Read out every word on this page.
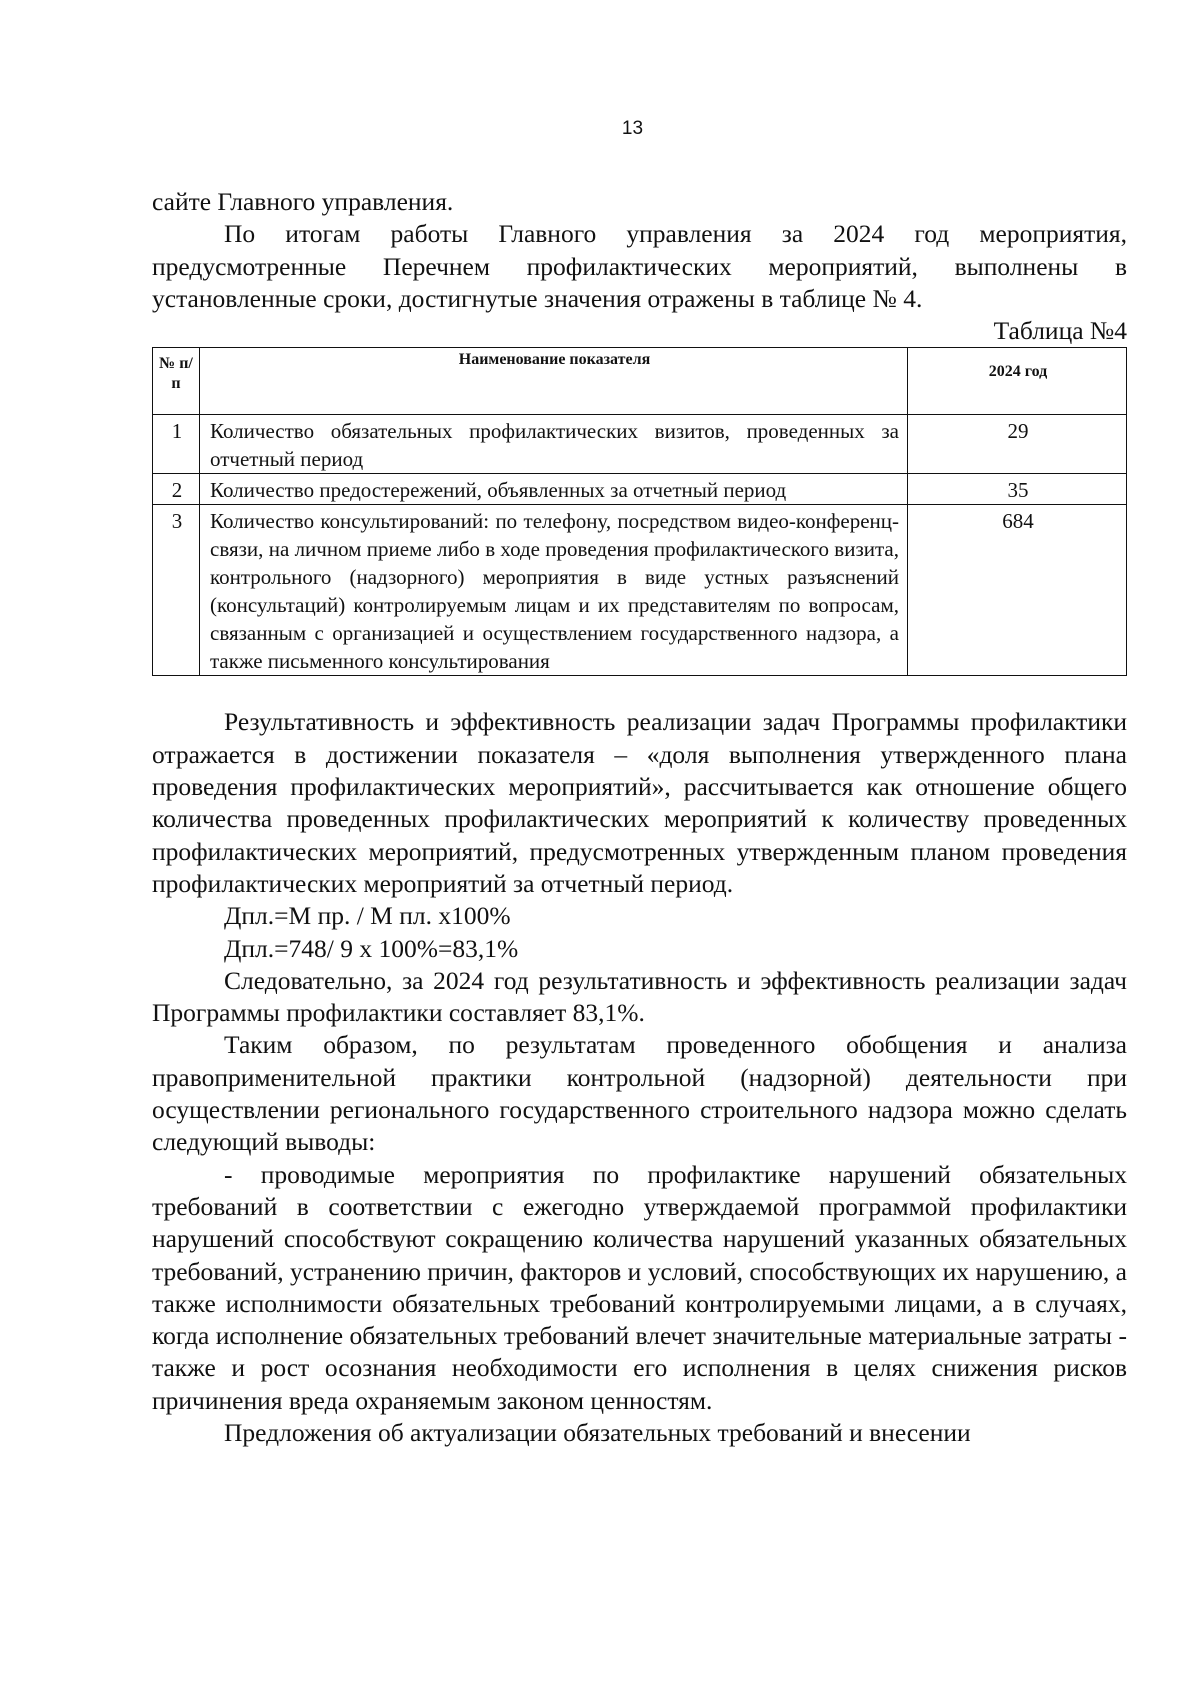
13

сайте Главного управления.

По итогам работы Главного управления за 2024 год мероприятия, предусмотренные Перечнем профилактических мероприятий, выполнены в установленные сроки, достигнутые значения отражены в таблице № 4.

Таблица №4

№ п/п	Наименование показателя	2024 год
1	Количество обязательных профилактических визитов, проведенных за отчетный период	29
2	Количество предостережений, объявленных за отчетный период	35
3	Количество консультирований: по телефону, посредством видео-конференц-связи, на личном приеме либо в ходе проведения профилактического визита, контрольного (надзорного) мероприятия в виде устных разъяснений (консультаций) контролируемым лицам и их представителям по вопросам, связанным с организацией и осуществлением государственного надзора, а также письменного консультирования	684

Результативность и эффективность реализации задач Программы профилактики отражается в достижении показателя – «доля выполнения утвержденного плана проведения профилактических мероприятий», рассчитывается как отношение общего количества проведенных профилактических мероприятий к количеству проведенных профилактических мероприятий, предусмотренных утвержденным планом проведения профилактических мероприятий за отчетный период.

Дпл.=М пр. / М пл. х100%

Дпл.=748/ 9 х 100%=83,1%

Следовательно, за 2024 год результативность и эффективность реализации задач Программы профилактики составляет 83,1%.

Таким образом, по результатам проведенного обобщения и анализа правоприменительной практики контрольной (надзорной) деятельности при осуществлении регионального государственного строительного надзора можно сделать следующий выводы:

- проводимые мероприятия по профилактике нарушений обязательных требований в соответствии с ежегодно утверждаемой программой профилактики нарушений способствуют сокращению количества нарушений указанных обязательных требований, устранению причин, факторов и условий, способствующих их нарушению, а также исполнимости обязательных требований контролируемыми лицами, а в случаях, когда исполнение обязательных требований влечет значительные материальные затраты - также и рост осознания необходимости его исполнения в целях снижения рисков причинения вреда охраняемым законом ценностям.

Предложения об актуализации обязательных требований и внесении
